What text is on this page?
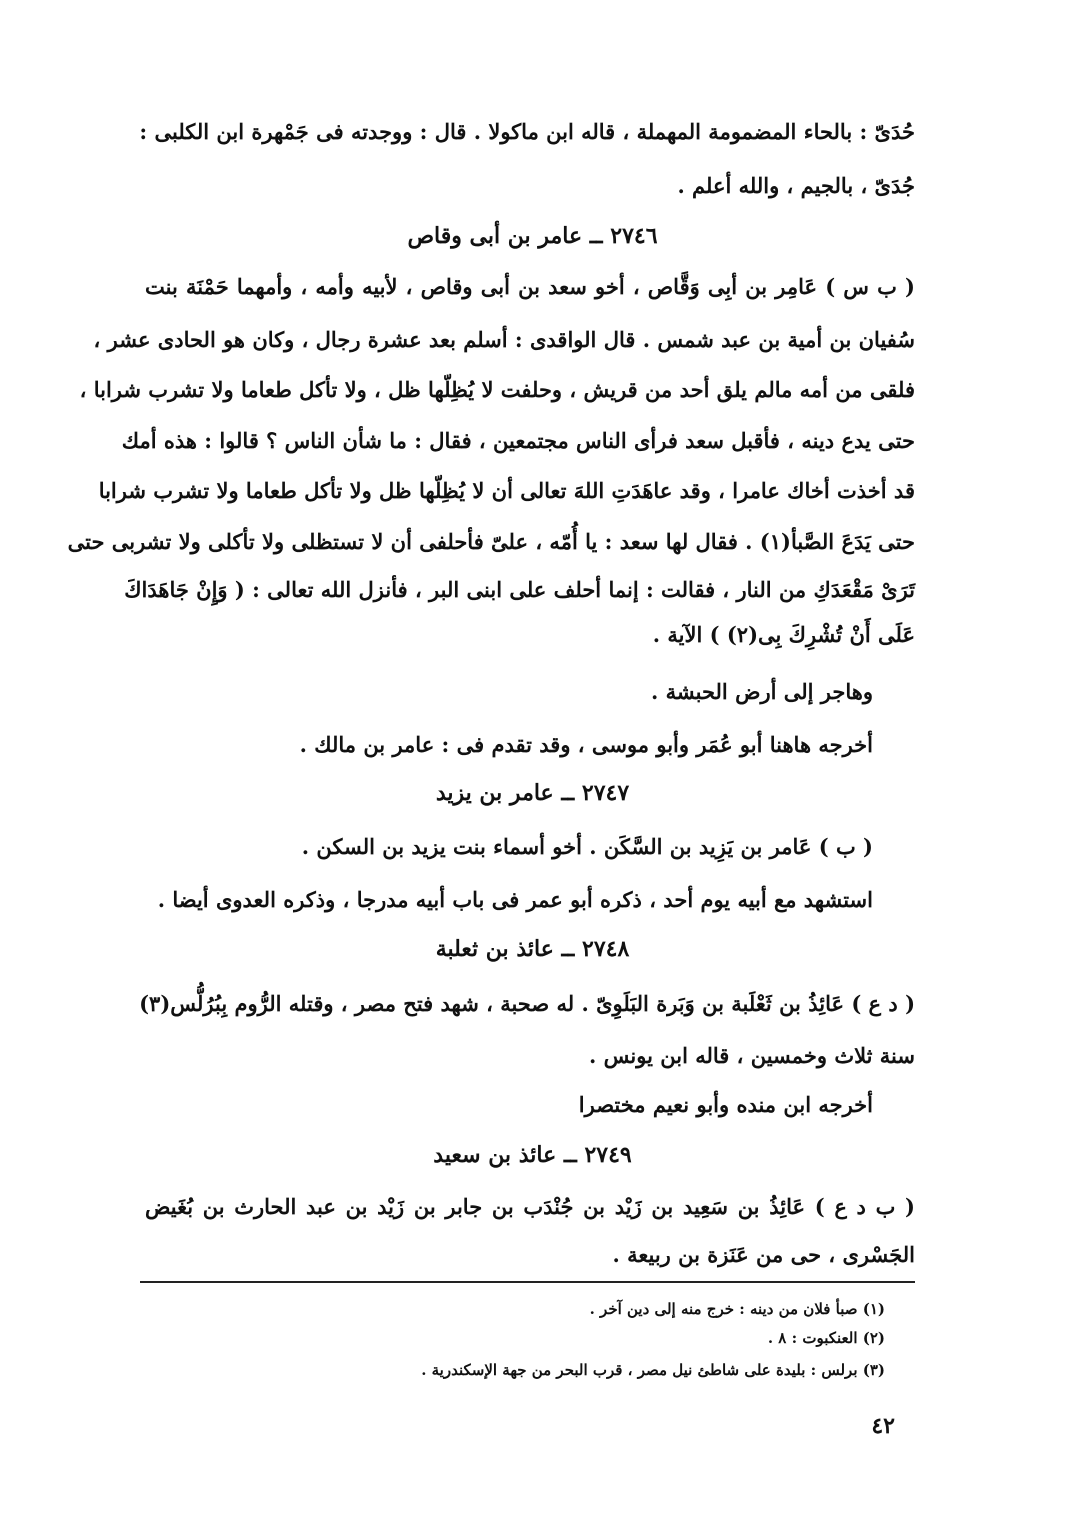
حُدَىّ : بالحاء المضمومة المهملة ، قاله ابن ماكولا . قال : ووجدته فى جَمْهرة ابن الكلبى :
جُدَىّ ، بالجيم ، والله أعلم .
٢٧٤٦ ــ عامر بن أبى وقاص
( ب س ) عَامِر بن أبِى وَقَّاص ، أخو سعد بن أبى وقاص ، لأبيه وأمه ، وأمهما حَمْنَة بنت
سُفيان بن أمية بن عبد شمس . قال الواقدى : أسلم بعد عشرة رجال ، وكان هو الحادى عشر ،
فلقى من أمه مالم يلق أحد من قريش ، وحلفت لا يُظِلّها ظل ، ولا تأكل طعاما ولا تشرب شرابا ،
حتى يدع دينه ، فأقبل سعد فرأى الناس مجتمعين ، فقال : ما شأن الناس ؟ قالوا : هذه أمك
قد أخذت أخاك عامرا ، وقد عاهَدَتِ اللهَ تعالى أن لا يُظِلّها ظل ولا تأكل طعاما ولا تشرب شرابا
حتى يَدَعَ الصَّبأ(١) . فقال لها سعد : يا أُمّه ، علىّ فأحلفى أن لا تستظلى ولا تأكلى ولا تشربى حتى
تَرَىْ مَقْعَدَكِ من النار ، فقالت : إنما أحلف على ابنى البر ، فأنزل الله تعالى : ( وَإِنْ جَاهَدَاكَ
عَلَى أَنْ تُشْرِكَ بِى(٢) ) الآية .
وهاجر إلى أرض الحبشة .
أخرجه هاهنا أبو عُمَر وأبو موسى ، وقد تقدم فى : عامر بن مالك .
٢٧٤٧ ــ عامر بن يزيد
( ب ) عَامر بن يَزِيد بن السَّكَن . أخو أسماء بنت يزيد بن السكن .
استشهد مع أبيه يوم أحد ، ذكره أبو عمر فى باب أبيه مدرجا ، وذكره العدوى أيضا .
٢٧٤٨ ــ عائذ بن ثعلبة
( د ع ) عَائِذُ بن ثَعْلَبة بن وَبَرة البَلَوِىّ . له صحبة ، شهد فتح مصر ، وقتله الرُّوم بِبُرُلُّس(٣)
سنة ثلاث وخمسين ، قاله ابن يونس .
أخرجه ابن منده وأبو نعيم مختصرا
٢٧٤٩ ــ عائذ بن سعيد
( ب د ع ) عَائِذُ بن سَعِيد بن زَيْد بن جُنْدَب بن جابر بن زَيْد بن عبد الحارث بن بُغَيض
الجَسْرى ، حى من عَنَزة بن ربيعة .
(١) صبأ فلان من دينه : خرج منه إلى دين آخر .
(٢) العنكبوت : ٨ .
(٣) برلس : بليدة على شاطئ نيل مصر ، قرب البحر من جهة الإسكندرية .
٤٢
